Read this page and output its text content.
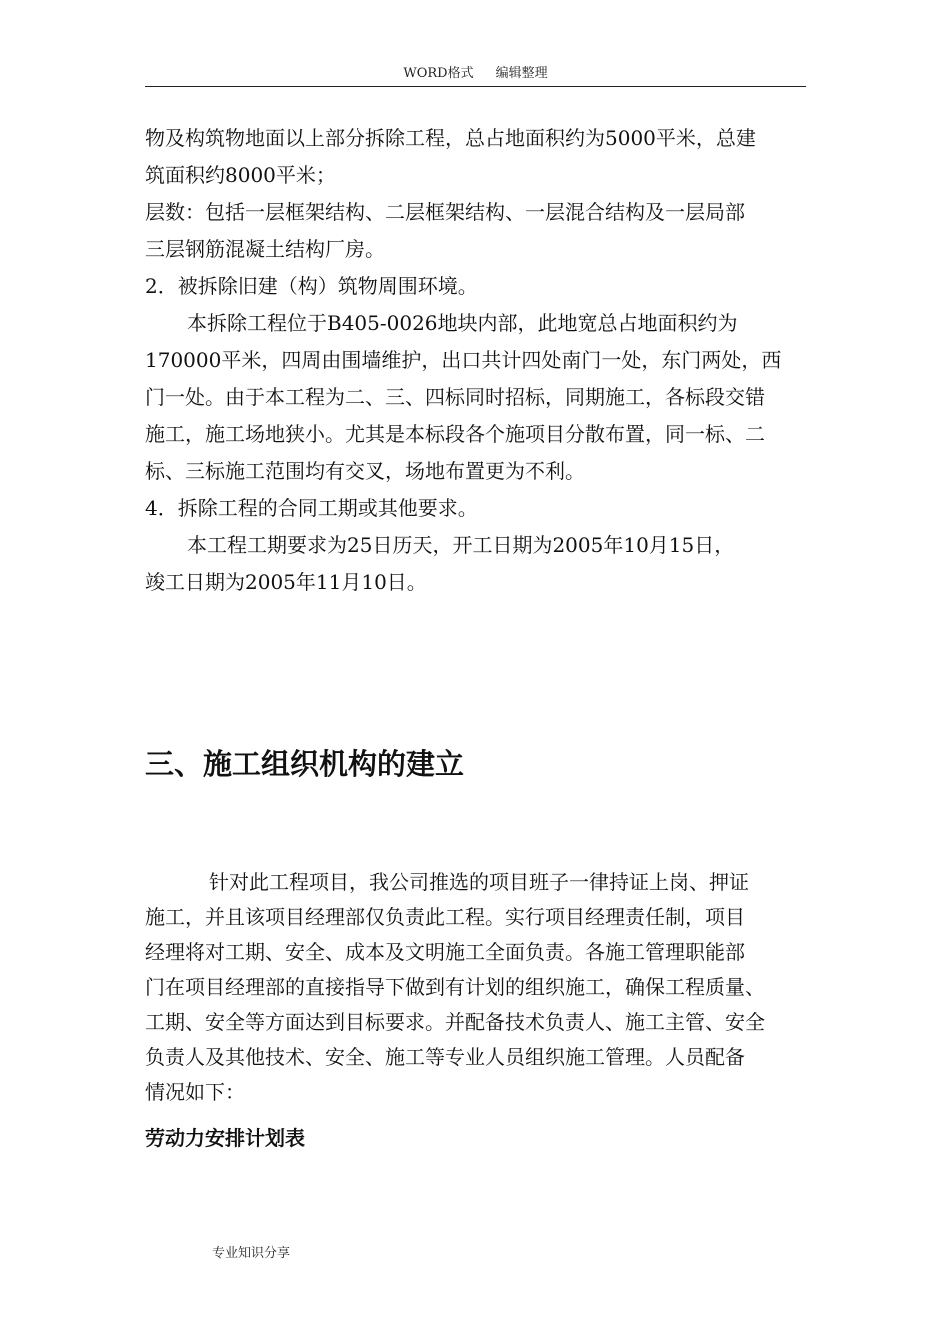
WORD格式 编辑整理
物及构筑物地面以上部分拆除工程，总占地面积约为5000平米，总建
筑面积约8000平米；
层数：包括一层框架结构、二层框架结构、一层混合结构及一层局部
三层钢筋混凝土结构厂房。
2．被拆除旧建（构）筑物周围环境。
本拆除工程位于B405-0026地块内部，此地宽总占地面积约为
170000平米，四周由围墙维护，出口共计四处南门一处，东门两处，西
门一处。由于本工程为二、三、四标同时招标，同期施工，各标段交错
施工，施工场地狭小。尤其是本标段各个施项目分散布置，同一标、二
标、三标施工范围均有交叉，场地布置更为不利。
4．拆除工程的合同工期或其他要求。
本工程工期要求为25日历天，开工日期为2005年10月15日，
竣工日期为2005年11月10日。
三、施工组织机构的建立
针对此工程项目，我公司推选的项目班子一律持证上岗、押证
施工，并且该项目经理部仅负责此工程。实行项目经理责任制，项目
经理将对工期、安全、成本及文明施工全面负责。各施工管理职能部
门在项目经理部的直接指导下做到有计划的组织施工，确保工程质量、
工期、安全等方面达到目标要求。并配备技术负责人、施工主管、安全
负责人及其他技术、安全、施工等专业人员组织施工管理。人员配备
情况如下：
劳动力安排计划表
专业知识分享
